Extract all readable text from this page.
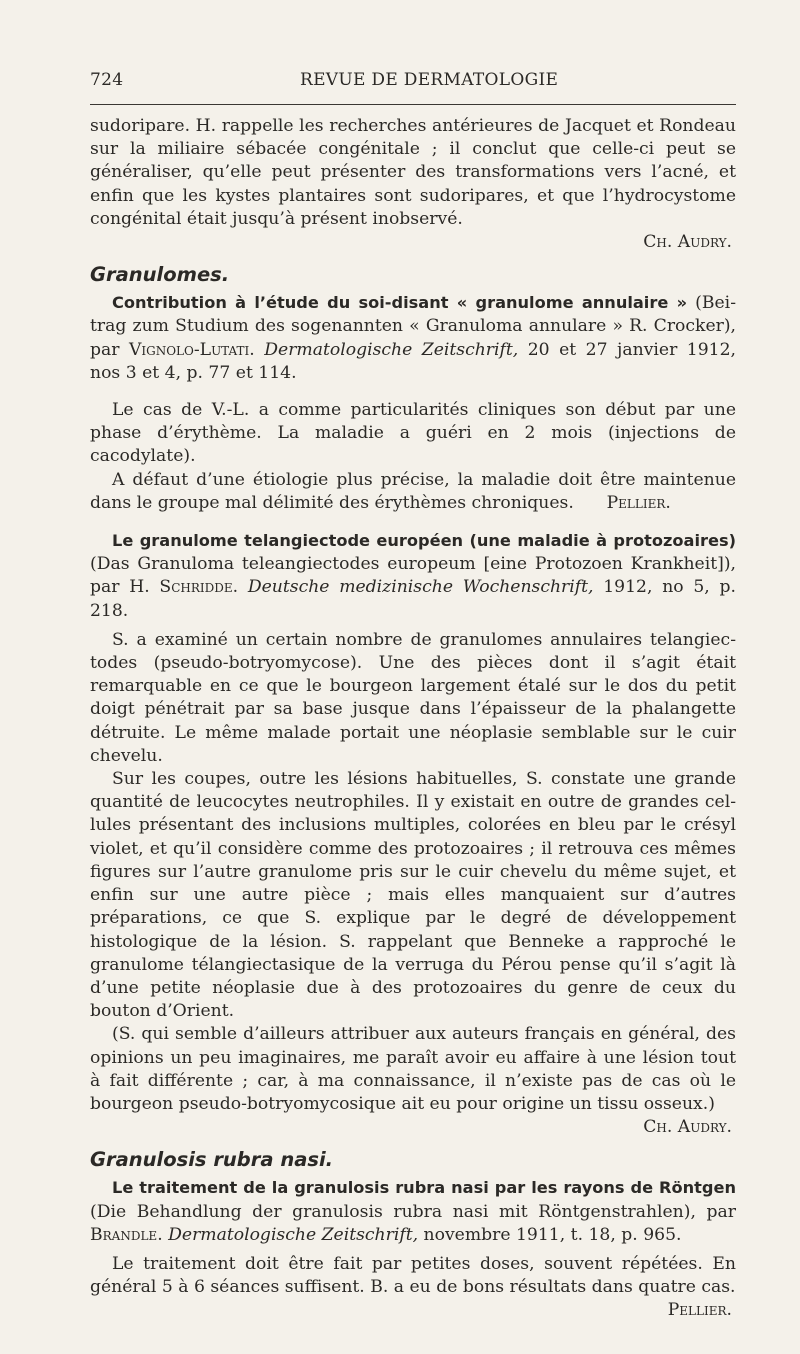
724	REVUE DE DERMATOLOGIE

sudoripare. H. rappelle les recherches antérieures de Jacquet et Rondeau sur la miliaire sébacée congénitale ; il conclut que celle-ci peut se généraliser, qu’elle peut présenter des transformations vers l’acné, et enfin que les kystes plantaires sont sudoripares, et que l’hydrocystome congénital était jusqu’à présent inobservé.

Ch. Audry.

Granulomes.

Contribution à l’étude du soi-disant « granulome annulaire » (Beitrag zum Studium des sogenannten « Granuloma annulare » R. Crocker), par Vignolo-Lutati. Dermatologische Zeitschrift, 20 et 27 janvier 1912, nos 3 et 4, p. 77 et 114.

Le cas de V.-L. a comme particularités cliniques son début par une phase d’érythème. La maladie a guéri en 2 mois (injections de cacodylate).

A défaut d’une étiologie plus précise, la maladie doit être maintenue dans le groupe mal délimité des érythèmes chroniques. Pellier.

Le granulome telangiectode européen (une maladie à protozoaires) (Das Granuloma teleangiectodes europeum [eine Protozoen Krankheit]), par H. Schridde. Deutsche medizinische Wochenschrift, 1912, no 5, p. 218.

S. a examiné un certain nombre de granulomes annulaires telangiectodes (pseudo-botryomycose). Une des pièces dont il s’agit était remarquable en ce que le bourgeon largement étalé sur le dos du petit doigt pénétrait par sa base jusque dans l’épaisseur de la phalangette détruite. Le même malade portait une néoplasie semblable sur le cuir chevelu.

Sur les coupes, outre les lésions habituelles, S. constate une grande quantité de leucocytes neutrophiles. Il y existait en outre de grandes cellules présentant des inclusions multiples, colorées en bleu par le crésyl violet, et qu’il considère comme des protozoaires ; il retrouva ces mêmes figures sur l’autre granulome pris sur le cuir chevelu du même sujet, et enfin sur une autre pièce ; mais elles manquaient sur d’autres préparations, ce que S. explique par le degré de développement histologique de la lésion. S. rappelant que Benneke a rapproché le granulome télangiectasique de la verruga du Pérou pense qu’il s’agit là d’une petite néoplasie due à des protozoaires du genre de ceux du bouton d’Orient.

(S. qui semble d’ailleurs attribuer aux auteurs français en général, des opinions un peu imaginaires, me paraît avoir eu affaire à une lésion tout à fait différente ; car, à ma connaissance, il n’existe pas de cas où le bourgeon pseudo-botryomycosique ait eu pour origine un tissu osseux.)

Ch. Audry.

Granulosis rubra nasi.

Le traitement de la granulosis rubra nasi par les rayons de Röntgen (Die Behandlung der granulosis rubra nasi mit Röntgenstrahlen), par Brandle. Dermatologische Zeitschrift, novembre 1911, t. 18, p. 965.

Le traitement doit être fait par petites doses, souvent répétées. En général 5 à 6 séances suffisent. B. a eu de bons résultats dans quatre cas.

Pellier.
